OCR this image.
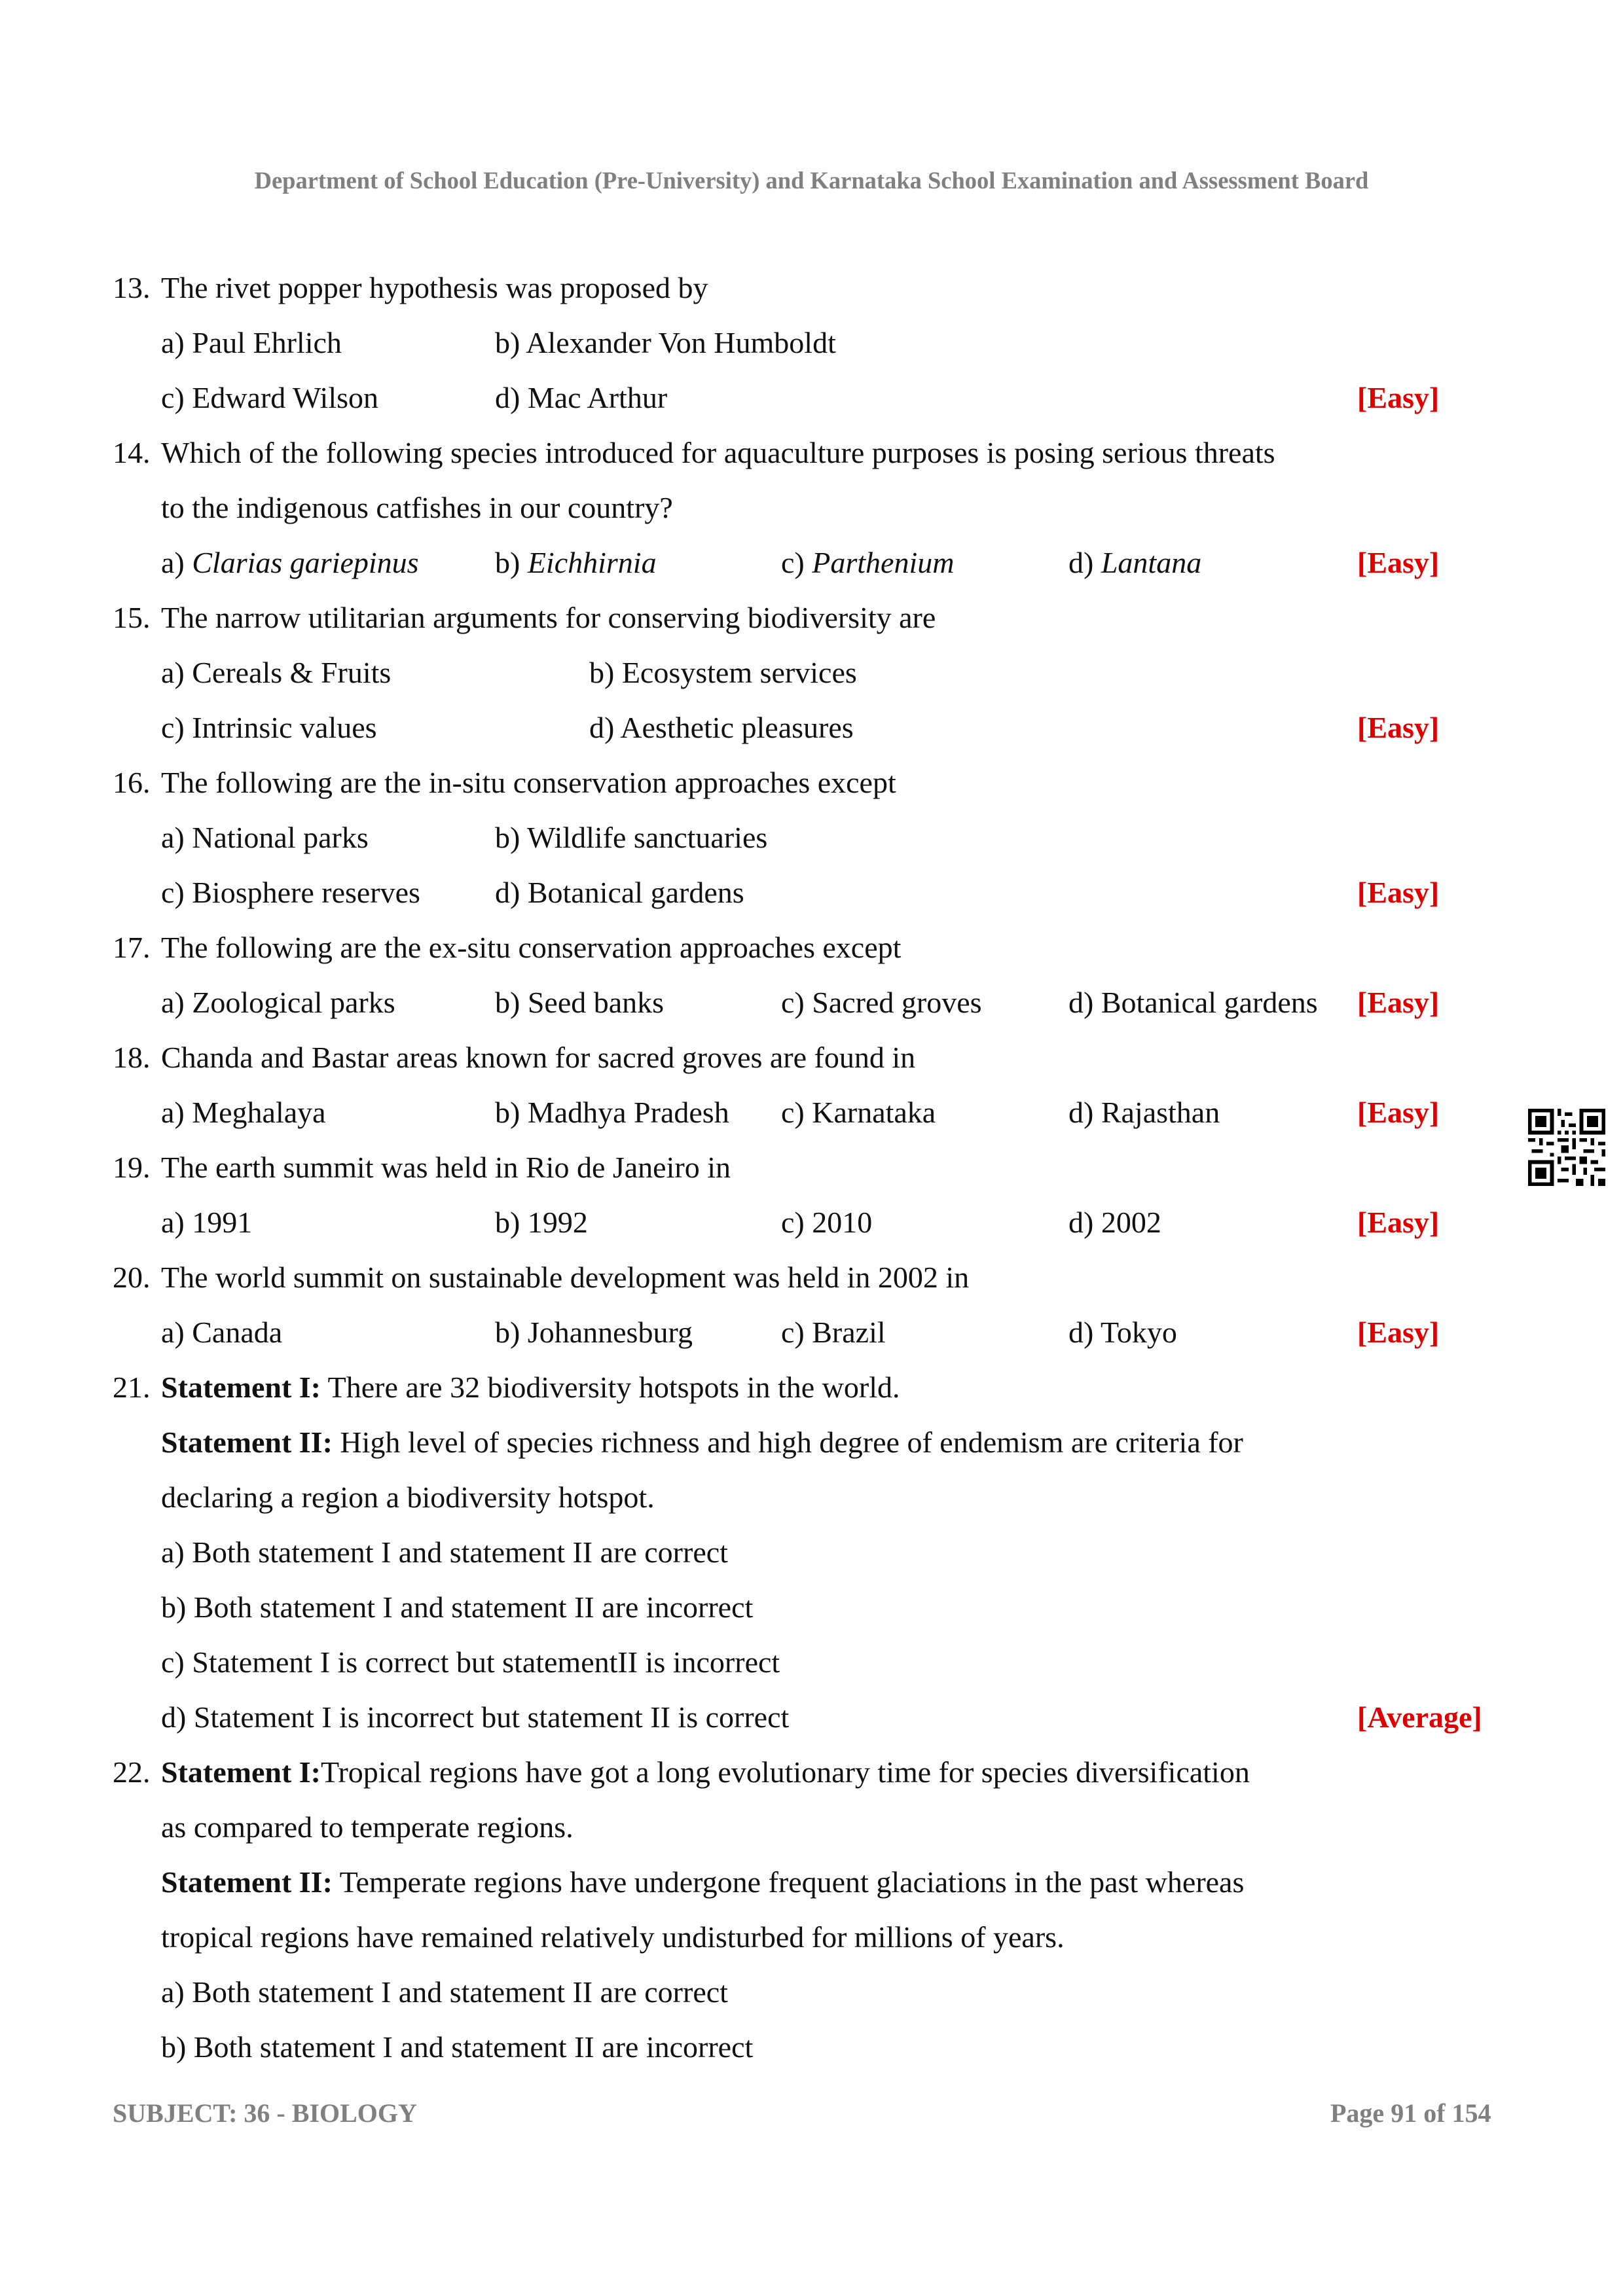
Department of School Education (Pre-University) and Karnataka School Examination and Assessment Board
13. The rivet popper hypothesis was proposed by
a) Paul Ehrlich	b) Alexander Von Humboldt
c) Edward Wilson	d) Mac Arthur	[Easy]
14. Which of the following species introduced for aquaculture purposes is posing serious threats
to the indigenous catfishes in our country?
a) Clarias gariepinus	b) Eichhirnia	c) Parthenium	d) Lantana	[Easy]
15. The narrow utilitarian arguments for conserving biodiversity are
a) Cereals & Fruits	b) Ecosystem services
c) Intrinsic values	d) Aesthetic pleasures	[Easy]
16. The following are the in-situ conservation approaches except
a) National parks	b) Wildlife sanctuaries
c) Biosphere reserves d) Botanical gardens	[Easy]
17. The following are the ex-situ conservation approaches except
a) Zoological parks	b) Seed banks	c) Sacred groves	d) Botanical gardens [Easy]
18. Chanda and Bastar areas known for sacred groves are found in
a) Meghalaya	b) Madhya Pradesh c) Karnataka	d) Rajasthan	[Easy]
19. The earth summit was held in Rio de Janeiro in
a) 1991	b) 1992	c) 2010	d) 2002	[Easy]
20. The world summit on sustainable development was held in 2002 in
a) Canada	b) Johannesburg	c) Brazil	d) Tokyo	[Easy]
21. Statement I: There are 32 biodiversity hotspots in the world.
Statement II: High level of species richness and high degree of endemism are criteria for
declaring a region a biodiversity hotspot.
a) Both statement I and statement II are correct
b) Both statement I and statement II are incorrect
c) Statement I is correct but statementII is incorrect
d) Statement I is incorrect but statement II is correct	[Average]
22. Statement I:Tropical regions have got a long evolutionary time for species diversification
as compared to temperate regions.
Statement II: Temperate regions have undergone frequent glaciations in the past whereas
tropical regions have remained relatively undisturbed for millions of years.
a) Both statement I and statement II are correct
b) Both statement I and statement II are incorrect
SUBJECT: 36 - BIOLOGY	Page 91 of 154
